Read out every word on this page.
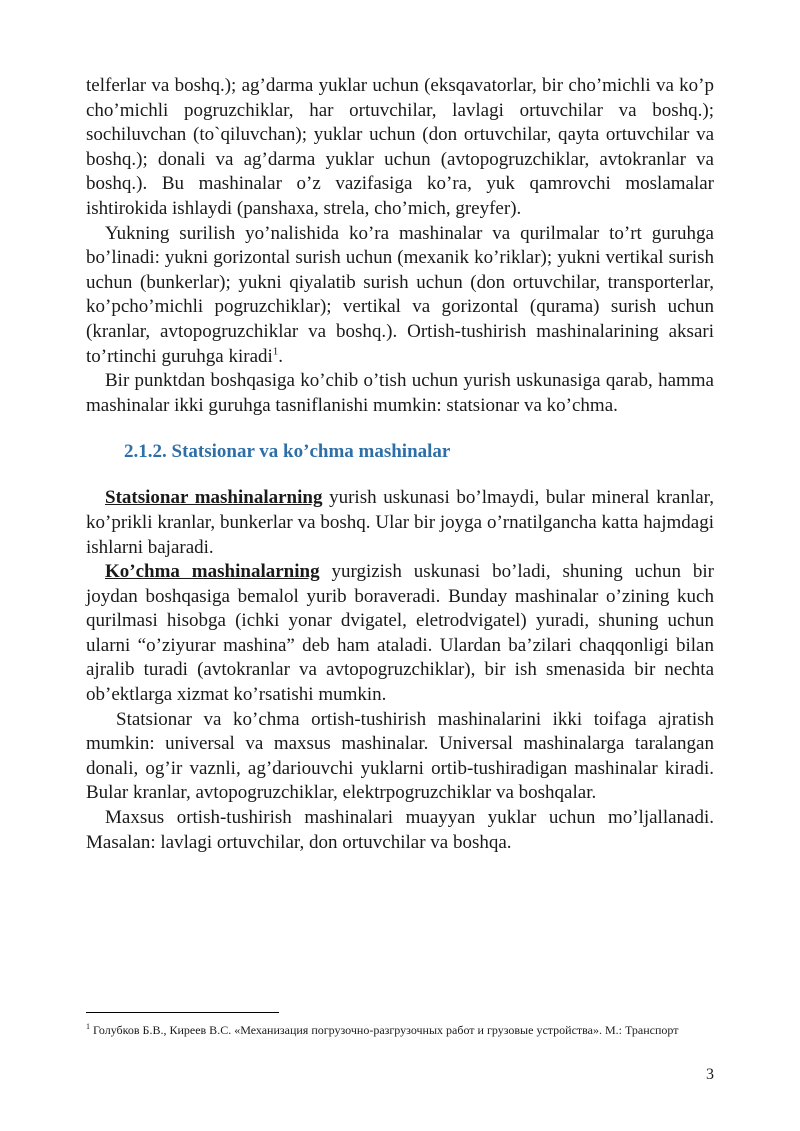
telferlar va boshq.); ag’darma yuklar uchun (eksqavatorlar, bir cho’michli va ko’p cho’michli pogruzchiklar, har ortuvchilar, lavlagi ortuvchilar va boshq.); sochiluvchan (to`qiluvchan); yuklar uchun (don ortuvchilar, qayta ortuvchilar va boshq.); donali va ag’darma yuklar uchun (avtopogruzchiklar, avtokranlar va boshq.). Bu mashinalar o’z vazifasiga ko’ra, yuk qamrovchi moslamalar ishtirokida ishlaydi (panshaxa, strela, cho’mich, greyfer).

Yukning surilish yo’nalishida ko’ra mashinalar va qurilmalar to’rt guruhga bo’linadi: yukni gorizontal surish uchun (mexanik ko’riklar); yukni vertikal surish uchun (bunkerlar); yukni qiyalatib surish uchun (don ortuvchilar, transporterlar, ko’pcho’michli pogruzchiklar); vertikal va gorizontal (qurama) surish uchun (kranlar, avtopogruzchiklar va boshq.). Ortish-tushirish mashinalarining aksari to’rtinchi guruhga kiradi$^1$.

Bir punktdan boshqasiga ko’chib o’tish uchun yurish uskunasiga qarab, hamma mashinalar ikki guruhga tasniflanishi mumkin: statsionar va ko’chma.

2.1.2. Statsionar va ko’chma mashinalar

Statsionar mashinalarning yurish uskunasi bo’lmaydi, bular mineral kranlar, ko’prikli kranlar, bunkerlar va boshq. Ular bir joyga o’rnatilgancha katta hajmdagi ishlarni bajaradi.

Ko’chma mashinalarning yurgizish uskunasi bo’ladi, shuning uchun bir joydan boshqasiga bemalol yurib boraveradi. Bunday mashinalar o’zining kuch qurilmasi hisobga (ichki yonar dvigatel, eletrodvigatel) yuradi, shuning uchun ularni “o’ziyurar mashina” deb ham ataladi. Ulardan ba’zilari chaqqonligi bilan ajralib turadi (avtokranlar va avtopogruzchiklar), bir ish smenasida bir nechta ob’ektlarga xizmat ko’rsatishi mumkin.

Statsionar va ko’chma ortish-tushirish mashinalarini ikki toifaga ajratish mumkin: universal va maxsus mashinalar. Universal mashinalarga taralangan donali, og’ir vaznli, ag’dariouvchi yuklarni ortib-tushiradigan mashinalar kiradi. Bular kranlar, avtopogruzchiklar, elektrpogruzchiklar va boshqalar.

Maxsus ortish-tushirish mashinalari muayyan yuklar uchun mo’ljallanadi. Masalan: lavlagi ortuvchilar, don ortuvchilar va boshqa.

$^1$ Голубков Б.В., Киреев В.С. «Механизация погрузочно-разгрузочных работ и грузовые устройства». М.: Транспорт
3
